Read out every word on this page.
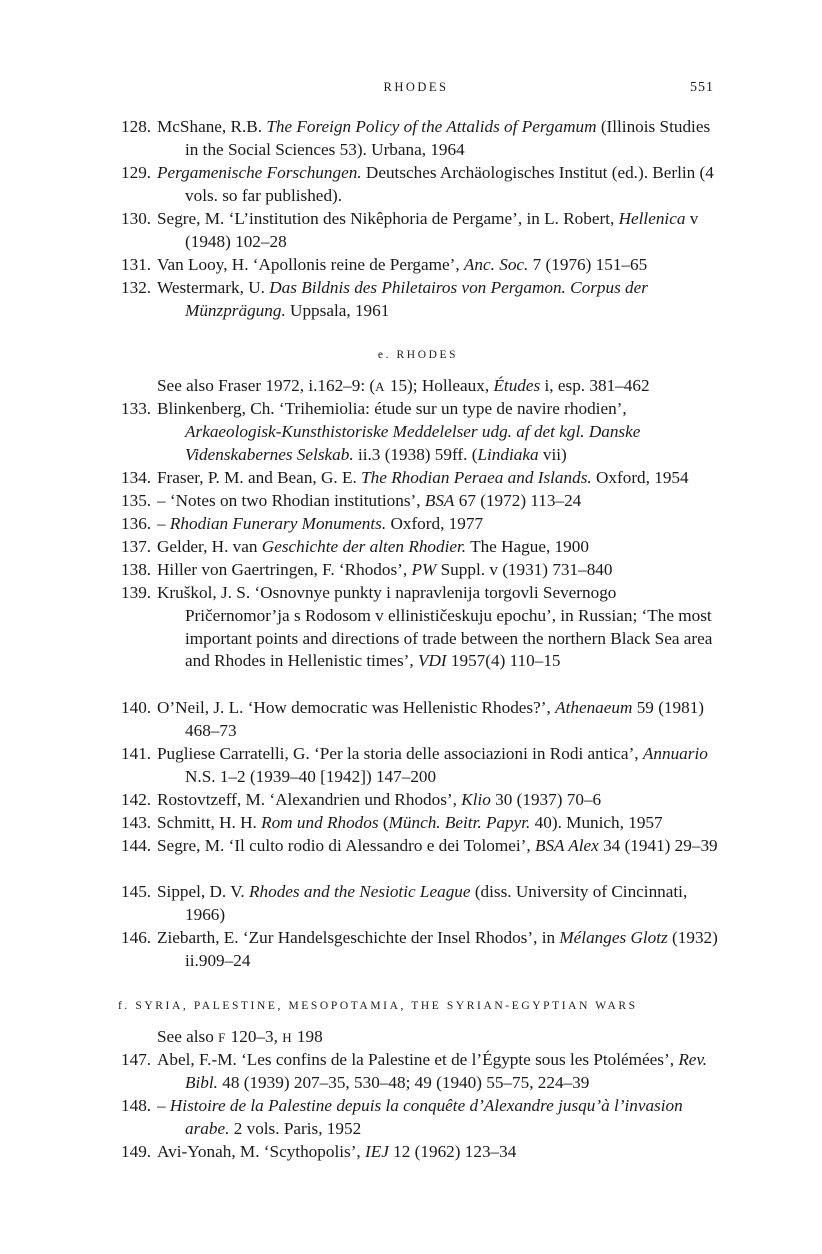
RHODES	551
128. McShane, R.B. The Foreign Policy of the Attalids of Pergamum (Illinois Studies in the Social Sciences 53). Urbana, 1964
129. Pergamenische Forschungen. Deutsches Archäologisches Institut (ed.). Berlin (4 vols. so far published).
130. Segre, M. ‘L’institution des Nikêphoria de Pergame’, in L. Robert, Hellenica v (1948) 102–28
131. Van Looy, H. ‘Apollonis reine de Pergame’, Anc. Soc. 7 (1976) 151–65
132. Westermark, U. Das Bildnis des Philetairos von Pergamon. Corpus der Münzprägung. Uppsala, 1961
e. RHODES
See also Fraser 1972, i.162–9: (A 15); Holleaux, Études i, esp. 381–462
133. Blinkenberg, Ch. ‘Trihemiolia: étude sur un type de navire rhodien’, Arkaeologisk-Kunsthistoriske Meddelelser udg. af det kgl. Danske Videnskabernes Selskab. ii.3 (1938) 59ff. (Lindiaka vii)
134. Fraser, P. M. and Bean, G. E. The Rhodian Peraea and Islands. Oxford, 1954
135. – ‘Notes on two Rhodian institutions’, BSA 67 (1972) 113–24
136. – Rhodian Funerary Monuments. Oxford, 1977
137. Gelder, H. van Geschichte der alten Rhodier. The Hague, 1900
138. Hiller von Gaertringen, F. ‘Rhodos’, PW Suppl. v (1931) 731–840
139. Kruškol, J. S. ‘Osnovnye punkty i napravlenija torgovli Severnogo Pričernomor’ja s Rodosom v ellinističeskuju epochu’, in Russian; ‘The most important points and directions of trade between the northern Black Sea area and Rhodes in Hellenistic times’, VDI 1957(4) 110–15
140. O’Neil, J. L. ‘How democratic was Hellenistic Rhodes?’, Athenaeum 59 (1981) 468–73
141. Pugliese Carratelli, G. ‘Per la storia delle associazioni in Rodi antica’, Annuario N.S. 1–2 (1939–40 [1942]) 147–200
142. Rostovtzeff, M. ‘Alexandrien und Rhodos’, Klio 30 (1937) 70–6
143. Schmitt, H. H. Rom und Rhodos (Münch. Beitr. Papyr. 40). Munich, 1957
144. Segre, M. ‘Il culto rodio di Alessandro e dei Tolomei’, BSA Alex 34 (1941) 29–39
145. Sippel, D. V. Rhodes and the Nesiotic League (diss. University of Cincinnati, 1966)
146. Ziebarth, E. ‘Zur Handelsgeschichte der Insel Rhodos’, in Mélanges Glotz (1932) ii.909–24
f. SYRIA, PALESTINE, MESOPOTAMIA, THE SYRIAN-EGYPTIAN WARS
See also F 120–3, H 198
147. Abel, F.-M. ‘Les confins de la Palestine et de l’Égypte sous les Ptolémées’, Rev. Bibl. 48 (1939) 207–35, 530–48; 49 (1940) 55–75, 224–39
148. – Histoire de la Palestine depuis la conquête d’Alexandre jusqu’à l’invasion arabe. 2 vols. Paris, 1952
149. Avi-Yonah, M. ‘Scythopolis’, IEJ 12 (1962) 123–34
